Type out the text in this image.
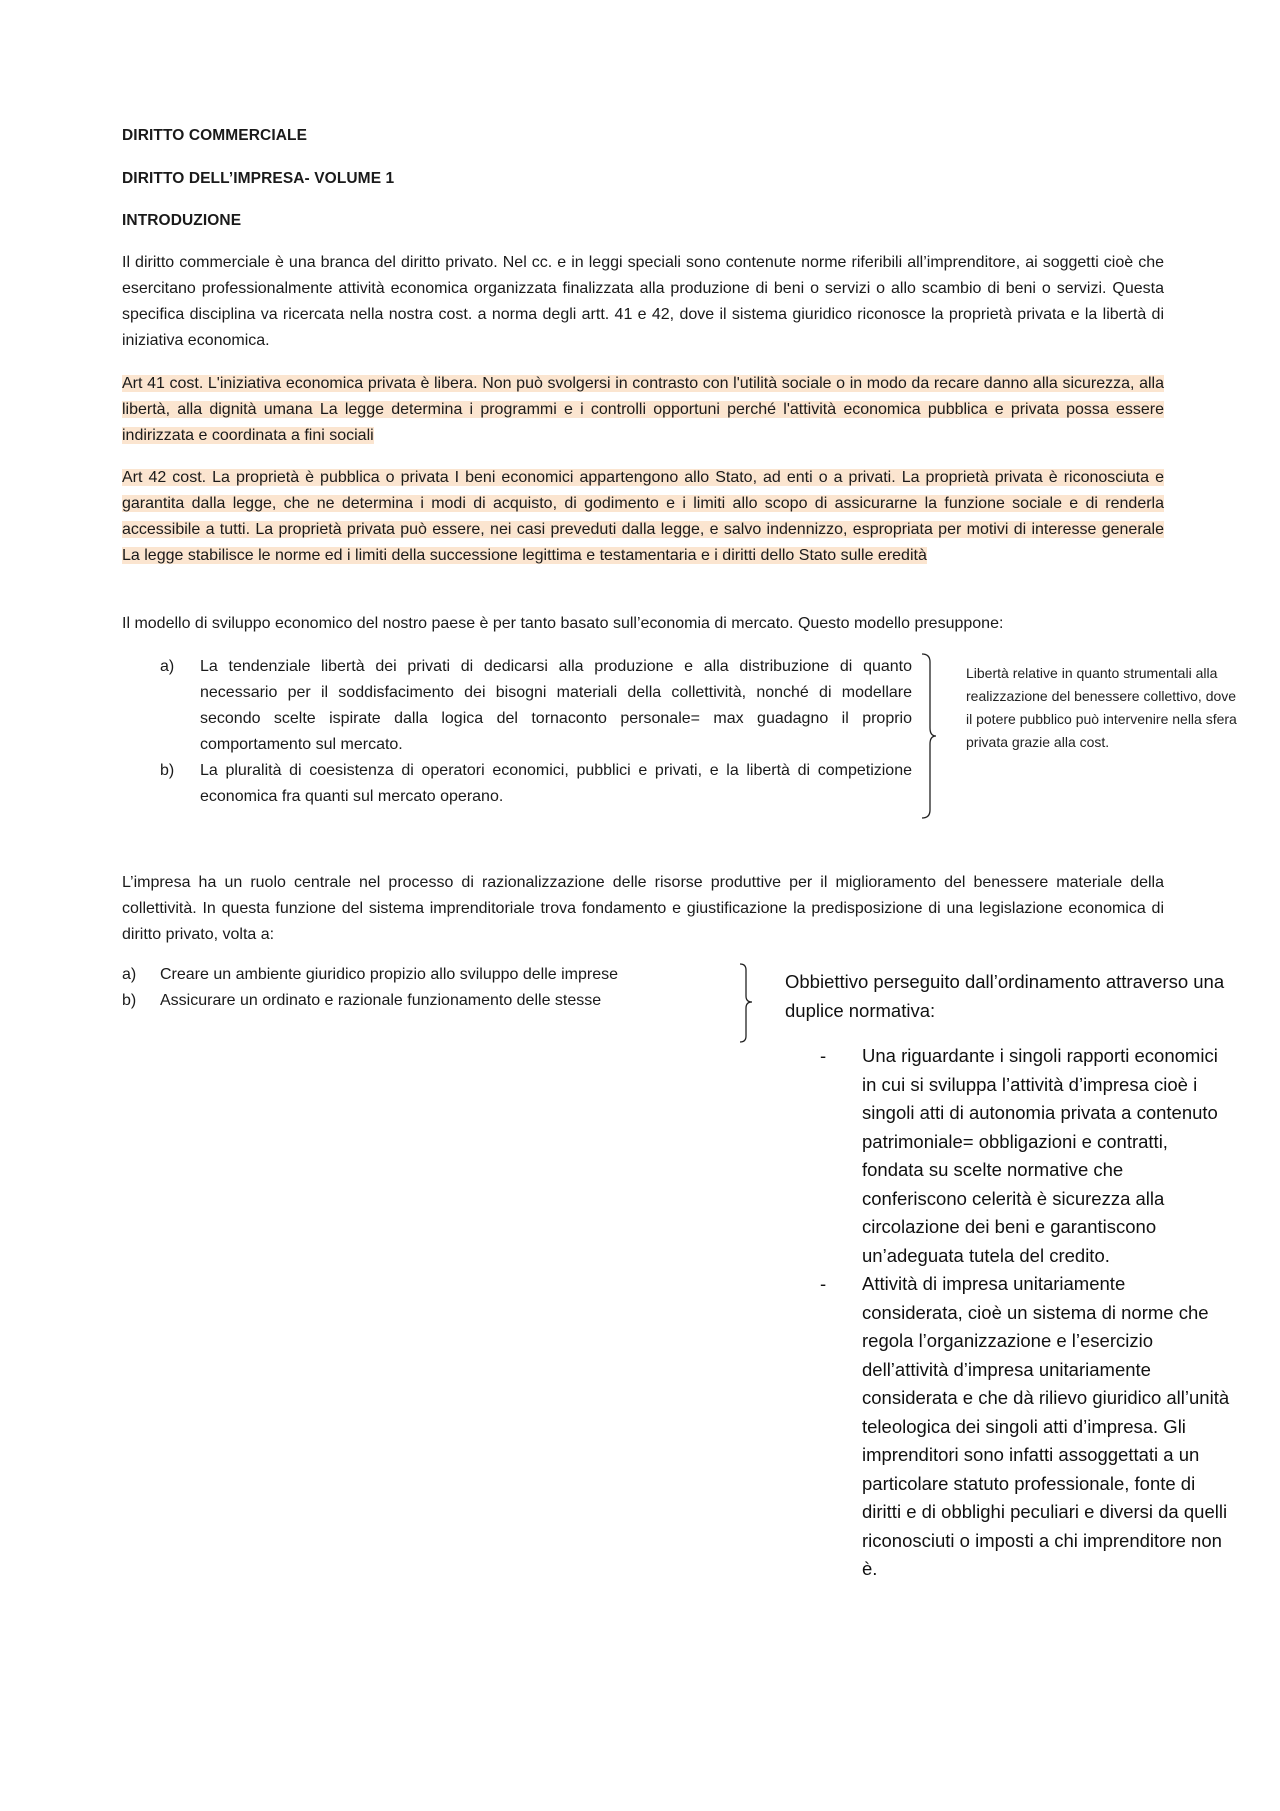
DIRITTO COMMERCIALE
DIRITTO DELL’IMPRESA- VOLUME 1
INTRODUZIONE
Il diritto commerciale è una branca del diritto privato. Nel cc. e in leggi speciali sono contenute norme riferibili all’imprenditore, ai soggetti cioè che esercitano professionalmente attività economica organizzata finalizzata alla produzione di beni o servizi o allo scambio di beni o servizi. Questa specifica disciplina va ricercata nella nostra cost. a norma degli artt. 41 e 42, dove il sistema giuridico riconosce la proprietà privata e la libertà di iniziativa economica.
Art 41 cost. L'iniziativa economica privata è libera. Non può svolgersi in contrasto con l'utilità sociale o in modo da recare danno alla sicurezza, alla libertà, alla dignità umana La legge determina i programmi e i controlli opportuni perché l'attività economica pubblica e privata possa essere indirizzata e coordinata a fini sociali
Art 42 cost. La proprietà è pubblica o privata I beni economici appartengono allo Stato, ad enti o a privati. La proprietà privata è riconosciuta e garantita dalla legge, che ne determina i modi di acquisto, di godimento e i limiti allo scopo di assicurarne la funzione sociale e di renderla accessibile a tutti. La proprietà privata può essere, nei casi preveduti dalla legge, e salvo indennizzo, espropriata per motivi di interesse generale La legge stabilisce le norme ed i limiti della successione legittima e testamentaria e i diritti dello Stato sulle eredità
Il modello di sviluppo economico del nostro paese è per tanto basato sull’economia di mercato. Questo modello presuppone:
a) La tendenziale libertà dei privati di dedicarsi alla produzione e alla distribuzione di quanto necessario per il soddisfacimento dei bisogni materiali della collettività, nonché di modellare secondo scelte ispirate dalla logica del tornaconto personale= max guadagno il proprio comportamento sul mercato.
b) La pluralità di coesistenza di operatori economici, pubblici e privati, e la libertà di competizione economica fra quanti sul mercato operano.
Libertà relative in quanto strumentali alla realizzazione del benessere collettivo, dove il potere pubblico può intervenire nella sfera privata grazie alla cost.
L’impresa ha un ruolo centrale nel processo di razionalizzazione delle risorse produttive per il miglioramento del benessere materiale della collettività. In questa funzione del sistema imprenditoriale trova fondamento e giustificazione la predisposizione di una legislazione economica di diritto privato, volta a:
a) Creare un ambiente giuridico propizio allo sviluppo delle imprese
b) Assicurare un ordinato e razionale funzionamento delle stesse
Obbiettivo perseguito dall’ordinamento attraverso una duplice normativa:
- Una riguardante i singoli rapporti economici in cui si sviluppa l’attività d’impresa cioè i singoli atti di autonomia privata a contenuto patrimoniale= obbligazioni e contratti, fondata su scelte normative che conferiscono celerità è sicurezza alla circolazione dei beni e garantiscono un’adeguata tutela del credito.
- Attività di impresa unitariamente considerata, cioè un sistema di norme che regola l’organizzazione e l’esercizio dell’attività d’impresa unitariamente considerata e che dà rilievo giuridico all’unità teleologica dei singoli atti d’impresa. Gli imprenditori sono infatti assoggettati a un particolare statuto professionale, fonte di diritti e di obblighi peculiari e diversi da quelli riconosciuti o imposti a chi imprenditore non è.
